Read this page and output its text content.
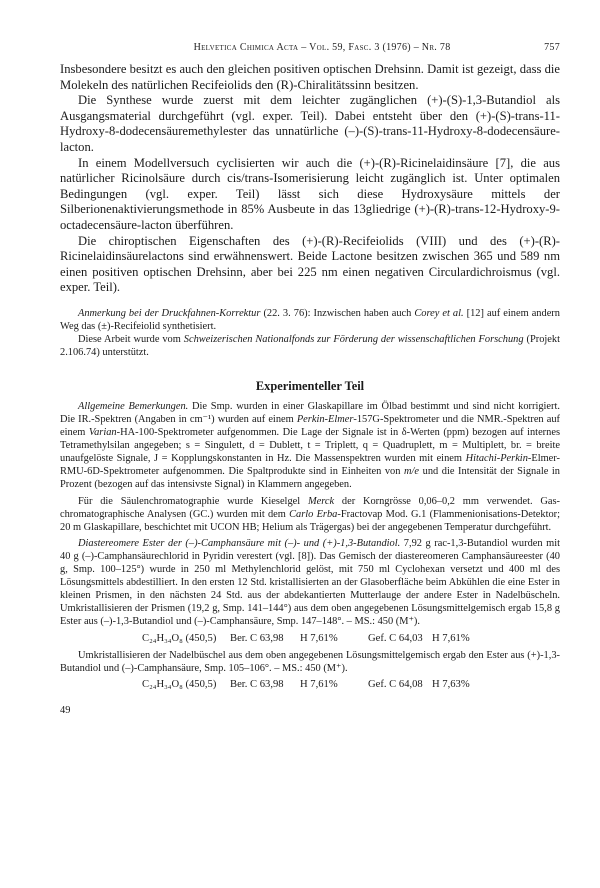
Helvetica Chimica Acta – Vol. 59, Fasc. 3 (1976) – Nr. 78	757

Insbesondere besitzt es auch den gleichen positiven optischen Drehsinn. Damit ist gezeigt, dass die Molekeln des natürlichen Recifeiolids den (R)-Chiralitätssinn besitzen.

Die Synthese wurde zuerst mit dem leichter zugänglichen (+)-(S)-1,3-Butandiol als Ausgangsmaterial durchgeführt (vgl. exper. Teil). Dabei entsteht über den (+)-(S)-trans-11-Hydroxy-8-dodecensäuremethylester das unnatürliche (–)-(S)-trans-11-Hydroxy-8-dodecensäure-lacton.

In einem Modellversuch cyclisierten wir auch die (+)-(R)-Ricinelaidinsäure [7], die aus natürlicher Ricinolsäure durch cis/trans-Isomerisierung leicht zugänglich ist. Unter optimalen Bedingungen (vgl. exper. Teil) lässt sich diese Hydroxysäure mittels der Silberionenaktivierungsmethode in 85% Ausbeute in das 13gliedrige (+)-(R)-trans-12-Hydroxy-9-octadecensäure-lacton überführen.

Die chiroptischen Eigenschaften des (+)-(R)-Recifeiolids (VIII) und des (+)-(R)-Ricinelaidinsäurelactons sind erwähnenswert. Beide Lactone besitzen zwischen 365 und 589 nm einen positiven optischen Drehsinn, aber bei 225 nm einen negativen Circulardichroismus (vgl. exper. Teil).

Anmerkung bei der Druckfahnen-Korrektur (22. 3. 76): Inzwischen haben auch Corey et al. [12] auf einem andern Weg das (±)-Recifeiolid synthetisiert.

Diese Arbeit wurde vom Schweizerischen Nationalfonds zur Förderung der wissenschaftlichen Forschung (Projekt 2.106.74) unterstützt.

Experimenteller Teil

Allgemeine Bemerkungen. Die Smp. wurden in einer Glaskapillare im Ölbad bestimmt und sind nicht korrigiert. Die IR.-Spektren (Angaben in cm⁻¹) wurden auf einem Perkin-Elmer-157G-Spektrometer und die NMR.-Spektren auf einem Varian-HA-100-Spektrometer aufgenommen. Die Lage der Signale ist in δ-Werten (ppm) bezogen auf internes Tetramethylsilan angegeben; s = Singulett, d = Dublett, t = Triplett, q = Quadruplett, m = Multiplett, br. = breite unaufgelöste Signale, J = Kopplungskonstanten in Hz. Die Massenspektren wurden mit einem Hitachi-Perkin-Elmer-RMU-6D-Spektrometer aufgenommen. Die Spaltprodukte sind in Einheiten von m/e und die Intensität der Signale in Prozent (bezogen auf das intensivste Signal) in Klammern angegeben.

Für die Säulenchromatographie wurde Kieselgel Merck der Korngrösse 0,06–0,2 mm verwendet. Gas-chromatographische Analysen (GC.) wurden mit dem Carlo Erba-Fractovap Mod. G.1 (Flammenionisations-Detektor; 20 m Glaskapillare, beschichtet mit UCON HB; Helium als Trägergas) bei der angegebenen Temperatur durchgeführt.

Diastereomere Ester der (–)-Camphansäure mit (–)- und (+)-1,3-Butandiol. 7,92 g rac-1,3-Butandiol wurden mit 40 g (–)-Camphansäurechlorid in Pyridin verestert (vgl. [8]). Das Gemisch der diastereomeren Camphansäureester (40 g, Smp. 100–125°) wurde in 250 ml Methylenchlorid gelöst, mit 750 ml Cyclohexan versetzt und 400 ml des Lösungsmittels abdestilliert. In den ersten 12 Std. kristallisierten an der Glasoberfläche beim Abkühlen die eine Ester in kleinen Prismen, in den nächsten 24 Std. aus der abdekantierten Mutterlauge der andere Ester in Nadelbüscheln. Umkristallisieren der Prismen (19,2 g, Smp. 141–144°) aus dem oben angegebenen Lösungsmittelgemisch ergab 15,8 g Ester aus (–)-1,3-Butandiol und (–)-Camphansäure, Smp. 147–148°. – MS.: 450 (M⁺).

C₂₄H₃₄O₈ (450,5)	Ber. C 63,98	H 7,61%	Gef. C 64,03 H 7,61%

Umkristallisieren der Nadelbüschel aus dem oben angegebenen Lösungsmittelgemisch ergab den Ester aus (+)-1,3-Butandiol und (–)-Camphansäure, Smp. 105–106°. – MS.: 450 (M⁺).

C₂₄H₃₄O₈ (450,5)	Ber. C 63,98	H 7,61%	Gef. C 64,08 H 7,63%
49
